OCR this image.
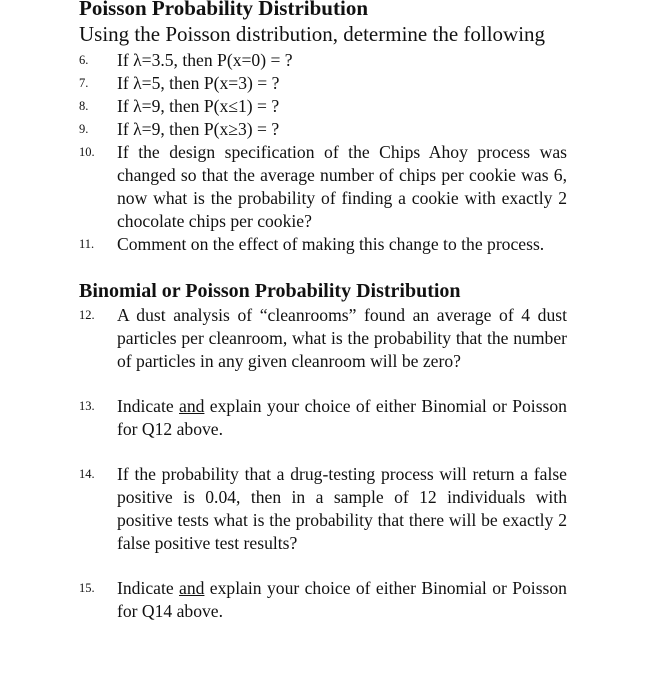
Poisson Probability Distribution

Using the Poisson distribution, determine the following

6.	If λ=3.5, then P(x=0) = ?
7.	If λ=5, then P(x=3) = ?
8.	If λ=9, then P(x≤1) = ?
9.	If λ=9, then P(x≥3) = ?
10.	If the design specification of the Chips Ahoy process was changed so that the average number of chips per cookie was 6, now what is the probability of finding a cookie with exactly 2 chocolate chips per cookie?
11.	Comment on the effect of making this change to the process.
Binomial or Poisson Probability Distribution
12.	A dust analysis of “cleanrooms” found an average of 4 dust particles per cleanroom, what is the probability that the number of particles in any given cleanroom will be zero?
13.	Indicate and explain your choice of either Binomial or Poisson for Q12 above.
14.	If the probability that a drug-testing process will return a false positive is 0.04, then in a sample of 12 individuals with positive tests what is the probability that there will be exactly 2 false positive test results?
15.	Indicate and explain your choice of either Binomial or Poisson for Q14 above.
